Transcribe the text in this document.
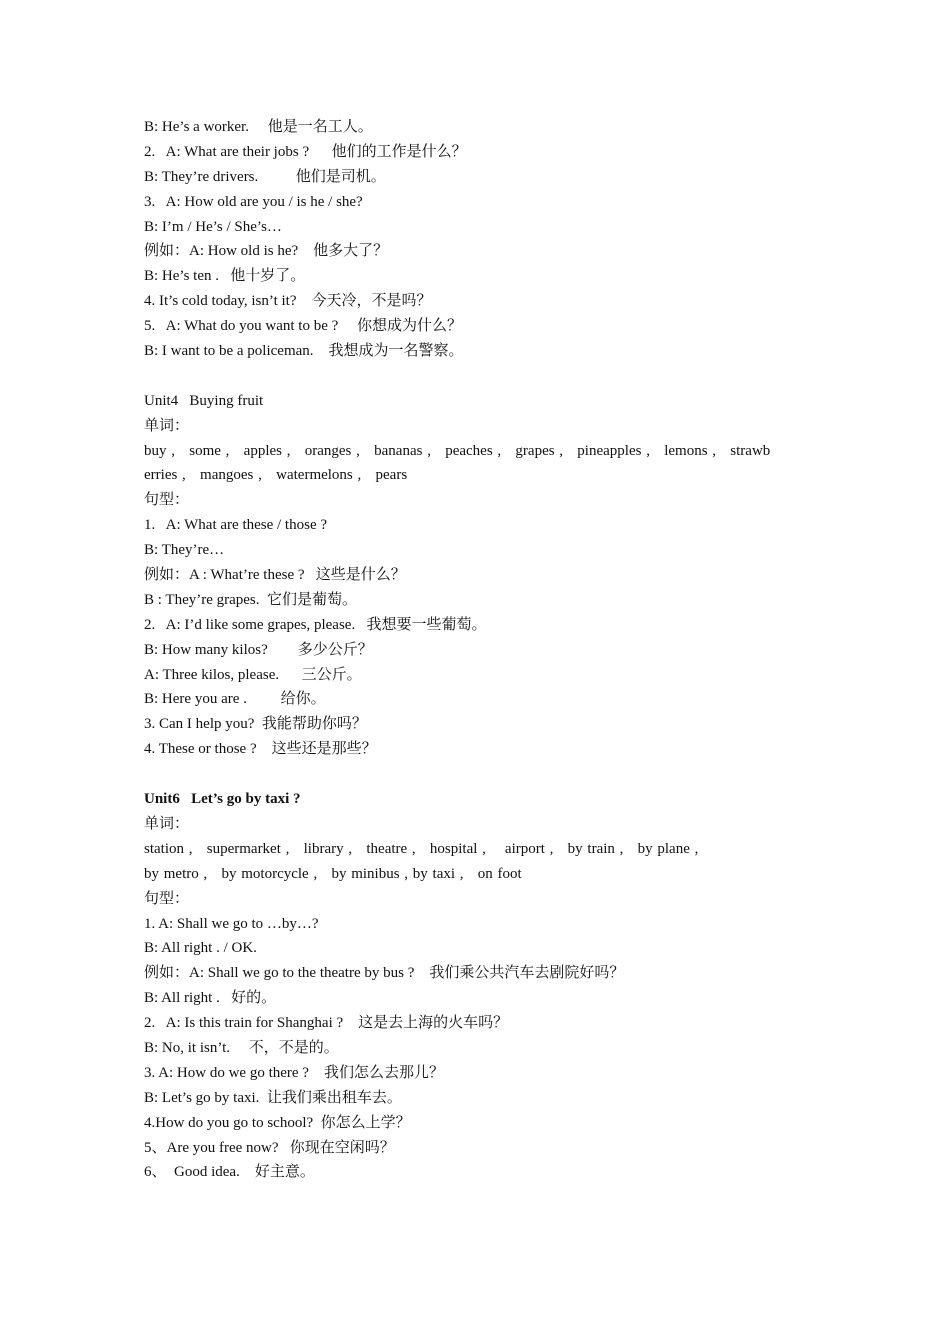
B: He’s a worker.     他是一名工人。
2.   A: What are their jobs ?      他们的工作是什么？
B: They’re drivers.          他们是司机。
3.   A: How old are you / is he / she?
B: I’m / He’s / She’s…
例如：A: How old is he?    他多大了？
B: He’s ten .   他十岁了。
4. It’s cold today, isn’t it?    今天冷，不是吗？
5.   A: What do you want to be ?     你想成为什么？
B: I want to be a policeman.    我想成为一名警察。
Unit4   Buying fruit
单词：
buy ,   some ,   apples ,   oranges ,   bananas ,   peaches ,   grapes ,   pineapples ,   lemons ,   strawb
erries ,   mangoes ,   watermelons ,   pears
句型：
1.   A: What are these / those ?
B: They’re…
例如：A : What’re these ?   这些是什么？
B : They’re grapes.  它们是葡萄。
2.   A: I’d like some grapes, please.   我想要一些葡萄。
B: How many kilos?        多少公斤？
A: Three kilos, please.      三公斤。
B: Here you are .         给你。
3. Can I help you?  我能帮助你吗？
4. These or those ?    这些还是那些？
Unit6   Let’s go by taxi ?
单词：
station ,   supermarket ,   library ,   theatre ,   hospital ,    airport ,   by train ,   by plane ,
by metro ,   by motorcycle ,   by minibus , by taxi ,   on foot
句型：
1. A: Shall we go to …by…?
B: All right . / OK.
例如：A: Shall we go to the theatre by bus ?    我们乘公共汽车去剧院好吗？
B: All right .   好的。
2.   A: Is this train for Shanghai ?    这是去上海的火车吗？
B: No, it isn’t.     不，不是的。
3. A: How do we go there ?    我们怎么去那儿？
B: Let’s go by taxi.  让我们乘出租车去。
4.How do you go to school?  你怎么上学？
5、Are you free now?   你现在空闲吗？
6、  Good idea.    好主意。
